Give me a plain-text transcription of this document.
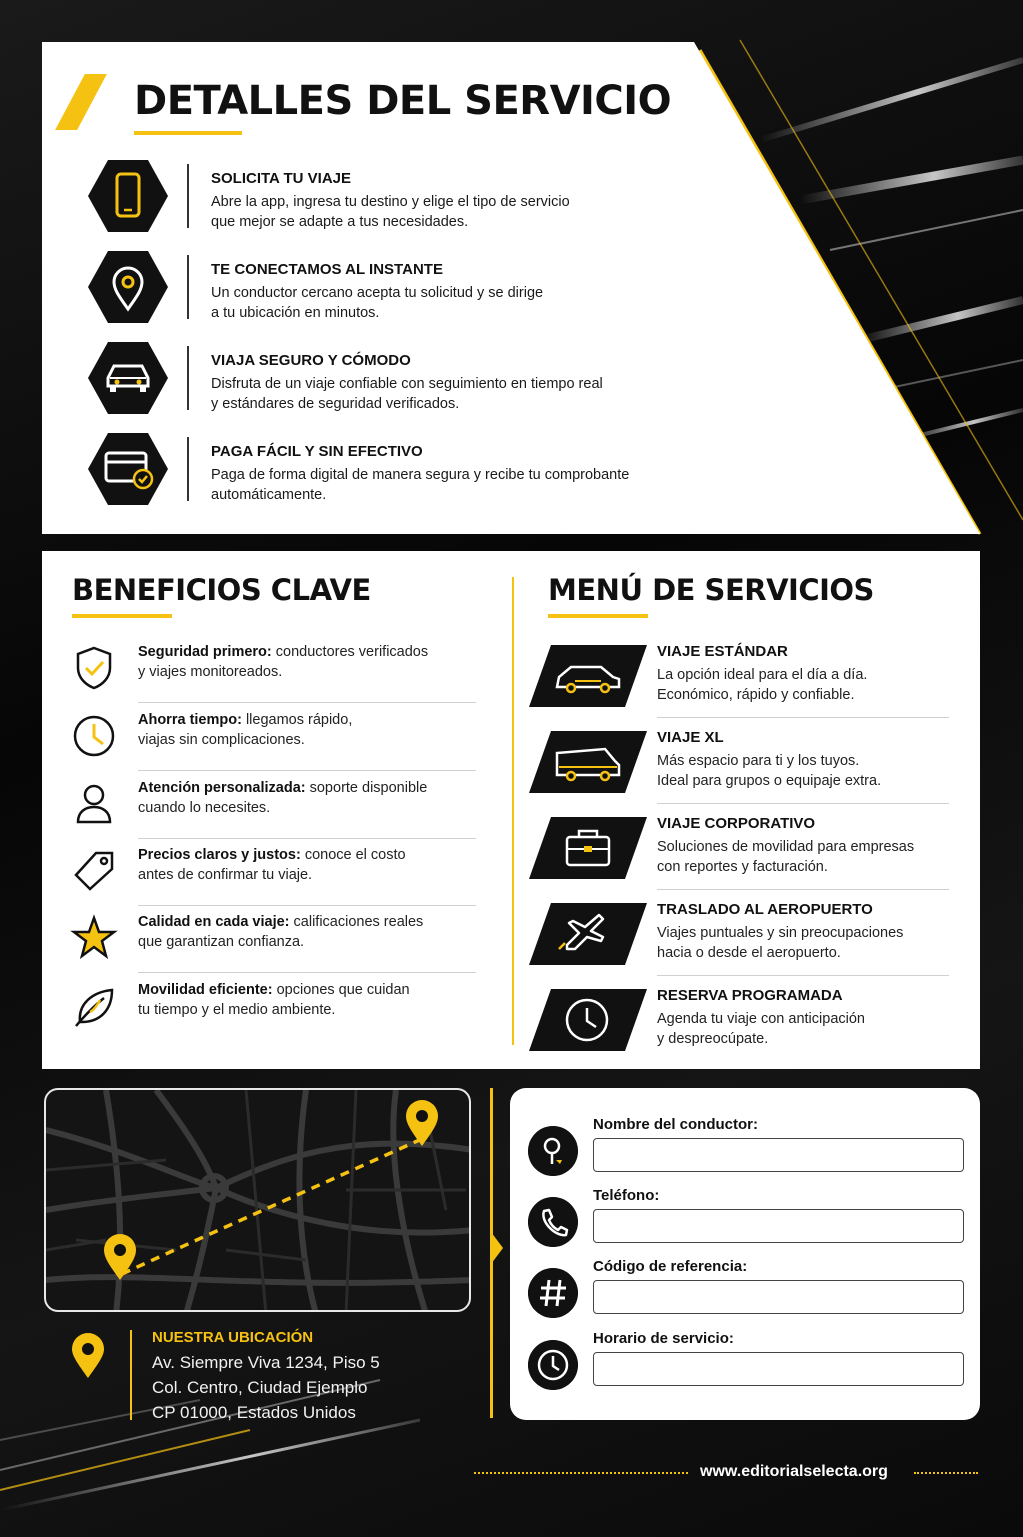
DETALLES DEL SERVICIO
SOLICITA TU VIAJE
Abre la app, ingresa tu destino y elige el tipo de servicio
que mejor se adapte a tus necesidades.
TE CONECTAMOS AL INSTANTE
Un conductor cercano acepta tu solicitud y se dirige
a tu ubicación en minutos.
VIAJA SEGURO Y CÓMODO
Disfruta de un viaje confiable con seguimiento en tiempo real
y estándares de seguridad verificados.
PAGA FÁCIL Y SIN EFECTIVO
Paga de forma digital de manera segura y recibe tu comprobante
automáticamente.
BENEFICIOS CLAVE	MENÚ DE SERVICIOS
Seguridad primero: conductores verificados
y viajes monitoreados.
Ahorra tiempo: llegamos rápido,
viajas sin complicaciones.
Atención personalizada: soporte disponible
cuando lo necesites.
Precios claros y justos: conoce el costo
antes de confirmar tu viaje.
Calidad en cada viaje: calificaciones reales
que garantizan confianza.
Movilidad eficiente: opciones que cuidan
tu tiempo y el medio ambiente.
VIAJE ESTÁNDAR
La opción ideal para el día a día.
Económico, rápido y confiable.
VIAJE XL
Más espacio para ti y los tuyos.
Ideal para grupos o equipaje extra.
VIAJE CORPORATIVO
Soluciones de movilidad para empresas
con reportes y facturación.
TRASLADO AL AEROPUERTO
Viajes puntuales y sin preocupaciones
hacia o desde el aeropuerto.
RESERVA PROGRAMADA
Agenda tu viaje con anticipación
y despreocúpate.
NUESTRA UBICACIÓN
Av. Siempre Viva 1234, Piso 5
Col. Centro, Ciudad Ejemplo
CP 01000, Estados Unidos
Nombre del conductor:
Teléfono:
Código de referencia:
Horario de servicio:
www.editorialselecta.org
